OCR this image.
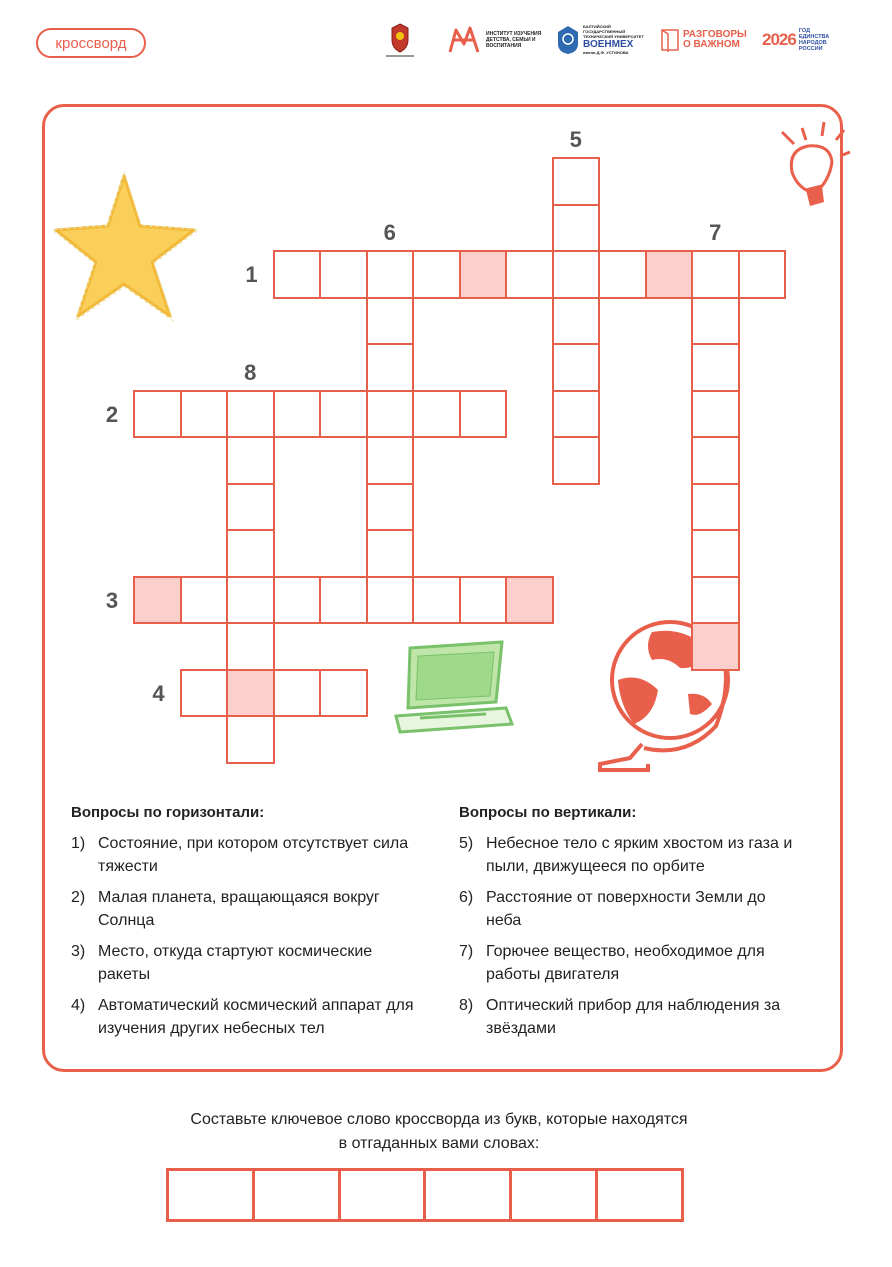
кроссворд
ИНСТИТУТ ИЗУЧЕНИЯ ДЕТСТВА, СЕМЬИ И ВОСПИТАНИЯ
БАЛТИЙСКИЙ ГОСУДАРСТВЕННЫЙ ТЕХНИЧЕСКИЙ УНИВЕРСИТЕТ
ВОЕНМЕХ
имени Д.Ф. УСТИНОВА
РАЗГОВОРЫ О ВАЖНОМ 2026 ГОД ЕДИНСТВА НАРОДОВ РОССИИ
1
2
3
4
5
6	7
8
Вопросы по горизонтали:	Вопросы по вертикали:
1) Состояние, при котором отсутствует сила тяжести
2) Малая планета, вращающаяся вокруг Солнца
3) Место, откуда стартуют космические ракеты
4) Автоматический космический аппарат для изучения других небесных тел
5) Небесное тело с ярким хвостом из газа и пыли, движущееся по орбите
6) Расстояние от поверхности Земли до неба
7) Горючее вещество, необходимое для работы двигателя
8) Оптический прибор для наблюдения за звёздами
Составьте ключевое слово кроссворда из букв, которые находятся
в отгаданных вами словах:
